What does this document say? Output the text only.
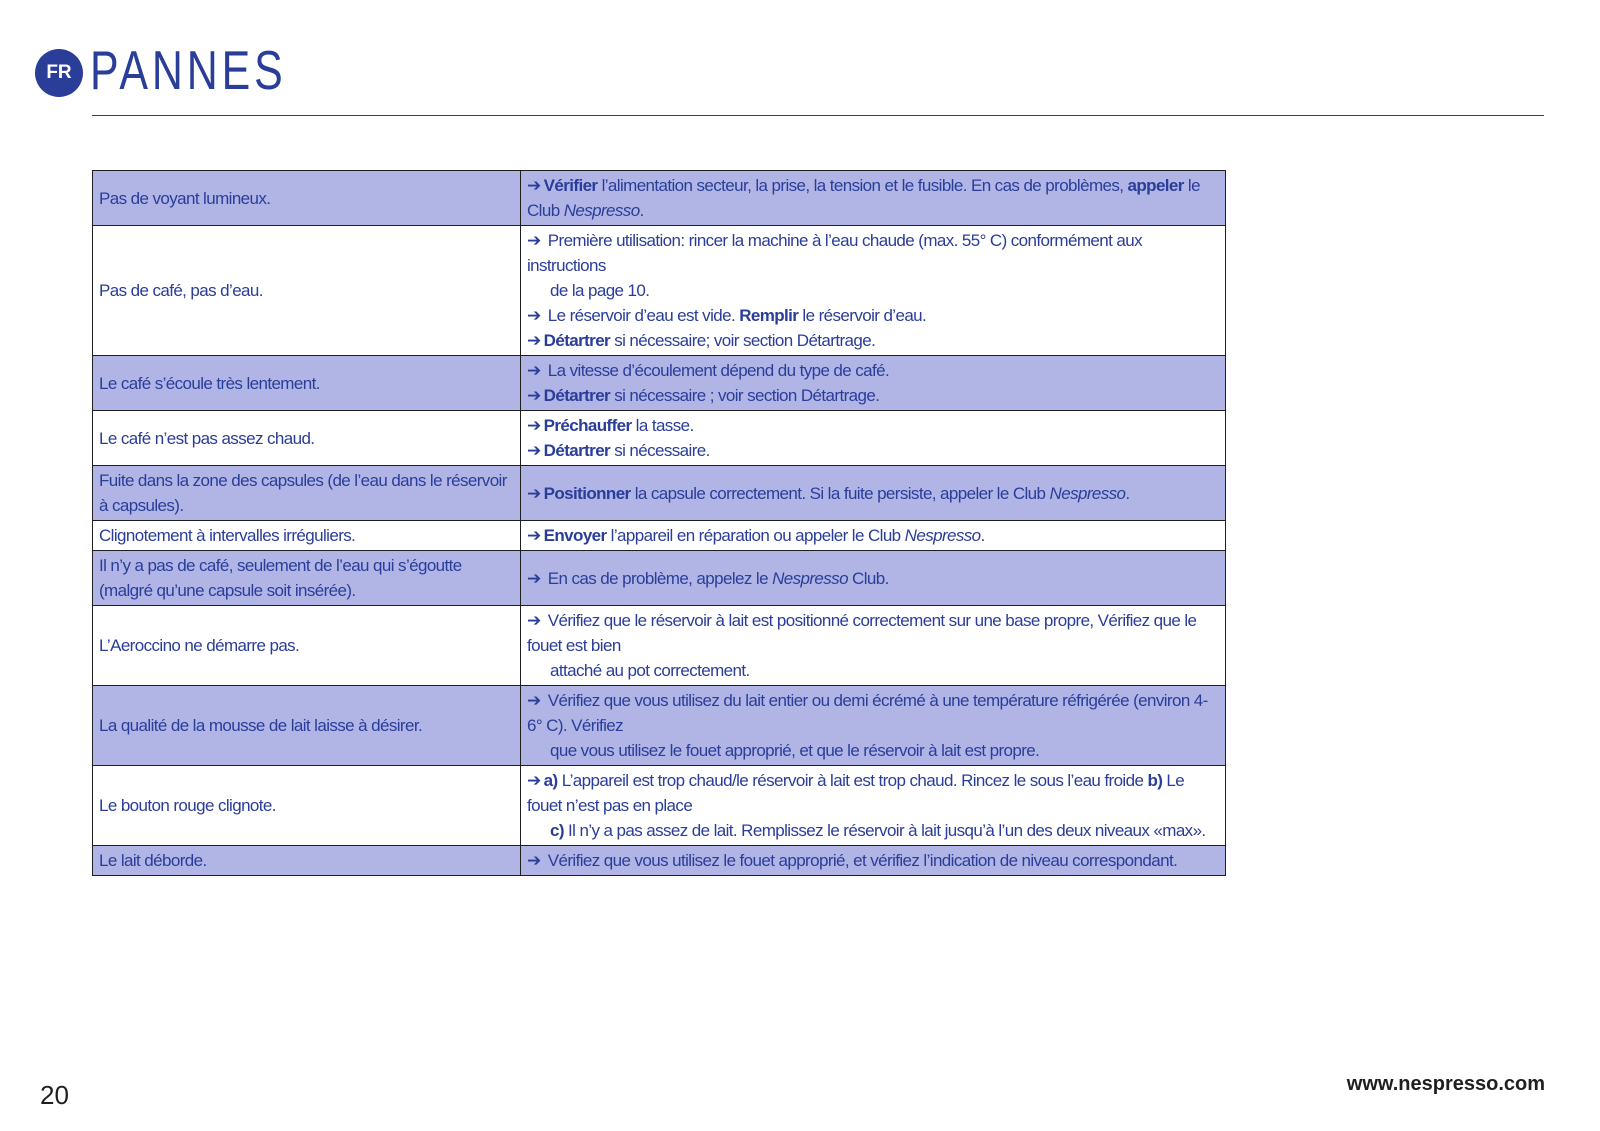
FR PANNES
Pas de voyant lumineux.	➔ Vérifier l’alimentation secteur, la prise, la tension et le fusible. En cas de problèmes, appeler le Club Nespresso.

Pas de café, pas d’eau.	➔ Première utilisation: rincer la machine à l’eau chaude (max. 55° C) conformément aux instructions
de la page 10.
➔ Le réservoir d’eau est vide. Remplir le réservoir d’eau.
➔ Détartrer si nécessaire; voir section Détartrage.

Le café s’écoule très lentement.	➔ La vitesse d’écoulement dépend du type de café.
➔ Détartrer si nécessaire ; voir section Détartrage.

Le café n’est pas assez chaud.	➔ Préchauffer la tasse.
➔ Détartrer si nécessaire.

Fuite dans la zone des capsules (de l’eau dans le réservoir à capsules).	➔ Positionner la capsule correctement. Si la fuite persiste, appeler le Club Nespresso.

Clignotement à intervalles irréguliers.	➔ Envoyer l’appareil en réparation ou appeler le Club Nespresso.

Il n’y a pas de café, seulement de l’eau qui s’égoutte
(malgré qu’une capsule soit insérée).	➔ En cas de problème, appelez le Nespresso Club.

L’Aeroccino ne démarre pas.	➔ Vérifiez que le réservoir à lait est positionné correctement sur une base propre, Vérifiez que le fouet est bien
attaché au pot correctement.

La qualité de la mousse de lait laisse à désirer.	➔ Vérifiez que vous utilisez du lait entier ou demi écrémé à une température réfrigérée (environ 4-6° C). Vérifiez
que vous utilisez le fouet approprié, et que le réservoir à lait est propre.

Le bouton rouge clignote.	➔ a) L’appareil est trop chaud/le réservoir à lait est trop chaud. Rincez le sous l’eau froide b) Le fouet n’est pas en place
c) Il n’y a pas assez de lait. Remplissez le réservoir à lait jusqu’à l’un des deux niveaux «max».

Le lait déborde.	➔ Vérifiez que vous utilisez le fouet approprié, et vérifiez l’indication de niveau correspondant.
20	www.nespresso.com
